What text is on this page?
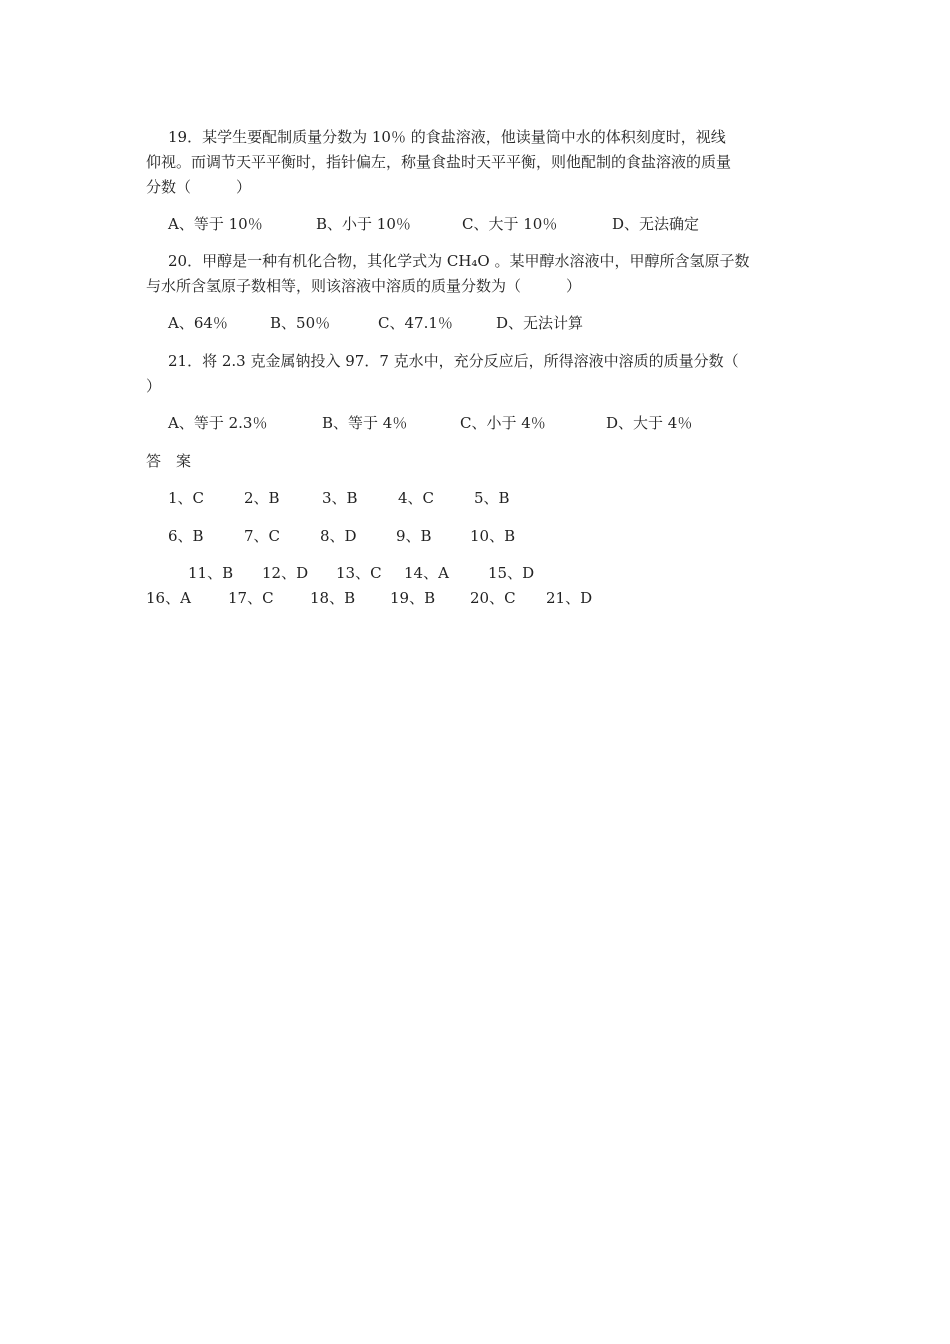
19．某学生要配制质量分数为 10％ 的食盐溶液，他读量筒中水的体积刻度时，视线
仰视。而调节天平平衡时，指针偏左，称量食盐时天平平衡，则他配制的食盐溶液的质量
分数（　　　）
A、等于 10％	B、小于 10％	C、大于 10％	D、无法确定
20．甲醇是一种有机化合物，其化学式为 CH₄O 。某甲醇水溶液中，甲醇所含氢原子数
与水所含氢原子数相等，则该溶液中溶质的质量分数为（　　　）
A、64％	B、50％	C、47.1％	D、无法计算
21．将 2.3 克金属钠投入 97．7 克水中，充分反应后，所得溶液中溶质的质量分数（
）
A、等于 2.3％	B、等于 4％	C、小于 4％	D、大于 4％
答　案
1、C	2、B	3、B	4、C	5、B
6、B	7、C	8、D	9、B	10、B
11、B 12、D 13、C 14、A	15、D
16、A 17、C 18、B 19、B 20、C 21、D
